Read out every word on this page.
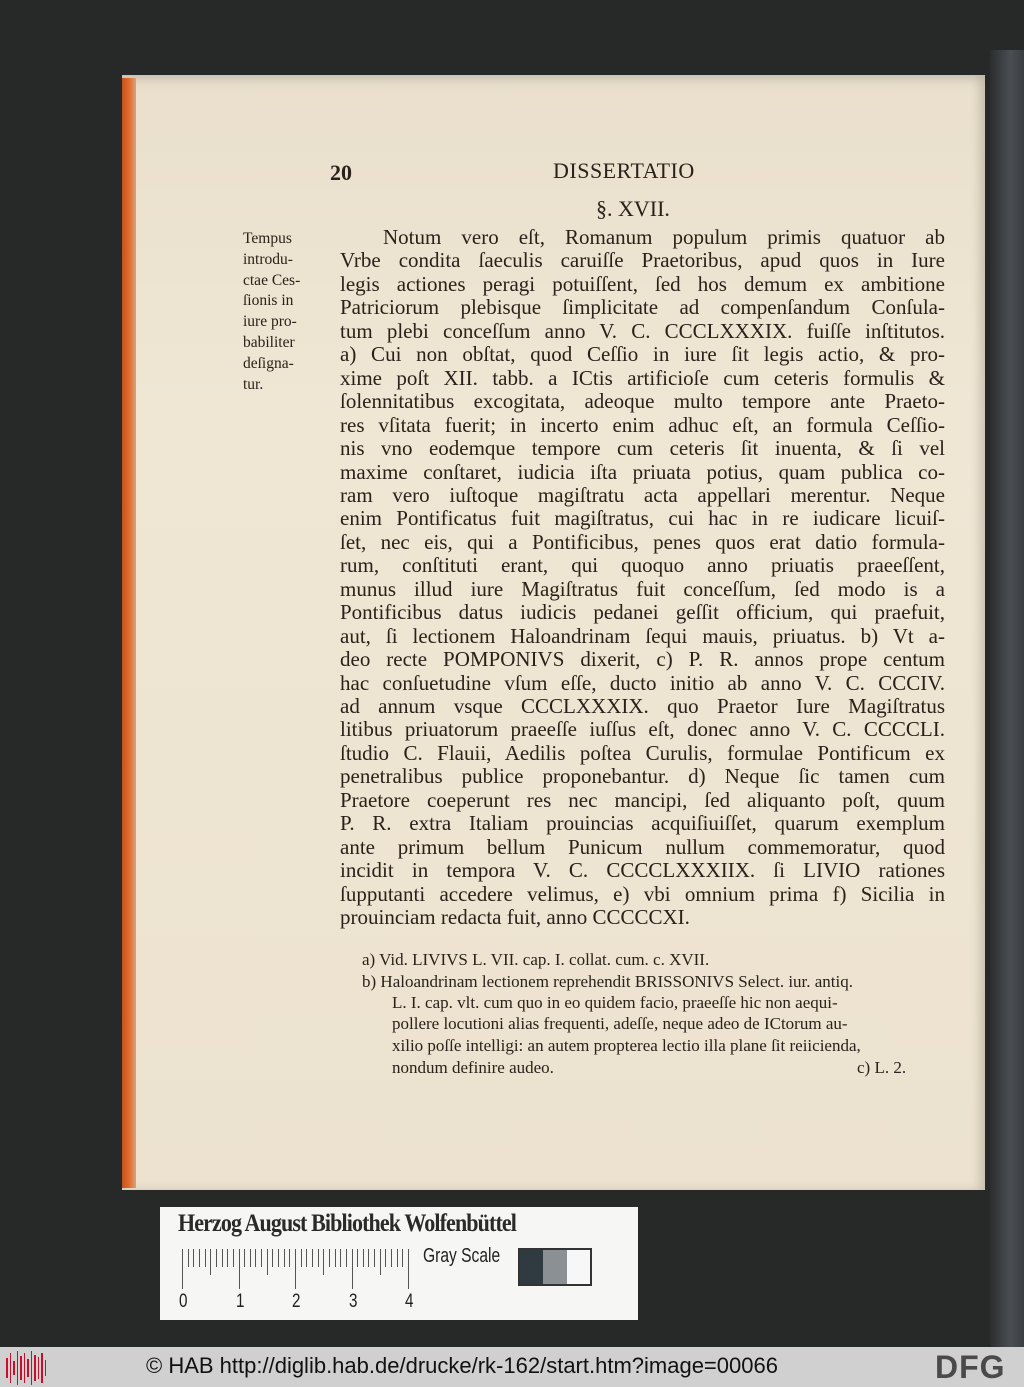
20	DISSERTATIO
§. XVII.
Tempus
introdu-
ctae Ces-
ſionis in
iure pro-
babiliter
deſigna-
tur.
Notum vero eſt, Romanum populum primis quatuor ab
Vrbe condita ſaeculis caruiſſe Praetoribus, apud quos in Iure
legis actiones peragi potuiſſent, ſed hos demum ex ambitione
Patriciorum plebisque ſimplicitate ad compenſandum Conſula-
tum plebi conceſſum anno V. C. CCCLXXXIX. fuiſſe inſtitutos.
a) Cui non obſtat, quod Ceſſio in iure ſit legis actio, & pro-
xime poſt XII. tabb. a ICtis artificioſe cum ceteris formulis &
ſolennitatibus excogitata, adeoque multo tempore ante Praeto-
res vſitata fuerit; in incerto enim adhuc eſt, an formula Ceſſio-
nis vno eodemque tempore cum ceteris ſit inuenta, & ſi vel
maxime conſtaret, iudicia iſta priuata potius, quam publica co-
ram vero iuſtoque magiſtratu acta appellari merentur. Neque
enim Pontificatus fuit magiſtratus, cui hac in re iudicare licuiſ-
ſet, nec eis, qui a Pontificibus, penes quos erat datio formula-
rum, conſtituti erant, qui quoquo anno priuatis praeeſſent,
munus illud iure Magiſtratus fuit conceſſum, ſed modo is a
Pontificibus datus iudicis pedanei geſſit officium, qui praefuit,
aut, ſi lectionem Haloandrinam ſequi mauis, priuatus. b) Vt a-
deo recte POMPONIVS dixerit, c) P. R. annos prope centum
hac conſuetudine vſum eſſe, ducto initio ab anno V. C. CCCIV.
ad annum vsque CCCLXXXIX. quo Praetor Iure Magiſtratus
litibus priuatorum praeeſſe iuſſus eſt, donec anno V. C. CCCCLI.
ſtudio C. Flauii, Aedilis poſtea Curulis, formulae Pontificum ex
penetralibus publice proponebantur. d) Neque ſic tamen cum
Praetore coeperunt res nec mancipi, ſed aliquanto poſt, quum
P. R. extra Italiam prouincias acquiſiuiſſet, quarum exemplum
ante primum bellum Punicum nullum commemoratur, quod
incidit in tempora V. C. CCCCLXXXIIX. ſi LIVIO rationes
ſupputanti accedere velimus, e) vbi omnium prima f) Sicilia in
prouinciam redacta fuit, anno CCCCCXI.
a) Vid. LIVIVS L. VII. cap. I. collat. cum. c. XVII.
b) Haloandrinam lectionem reprehendit BRISSONIVS Select. iur. antiq.
L. I. cap. vlt. cum quo in eo quidem facio, praeeſſe hic non aequi-
pollere locutioni alias frequenti, adeſſe, neque adeo de ICtorum au-
xilio poſſe intelligi: an autem propterea lectio illa plane ſit reiicienda,
nondum definire audeo.	c) L. 2.
Herzog August Bibliothek Wolfenbüttel
0	1	2	3	4
Gray Scale
© HAB http://diglib.hab.de/drucke/rk-162/start.htm?image=00066	DFG
